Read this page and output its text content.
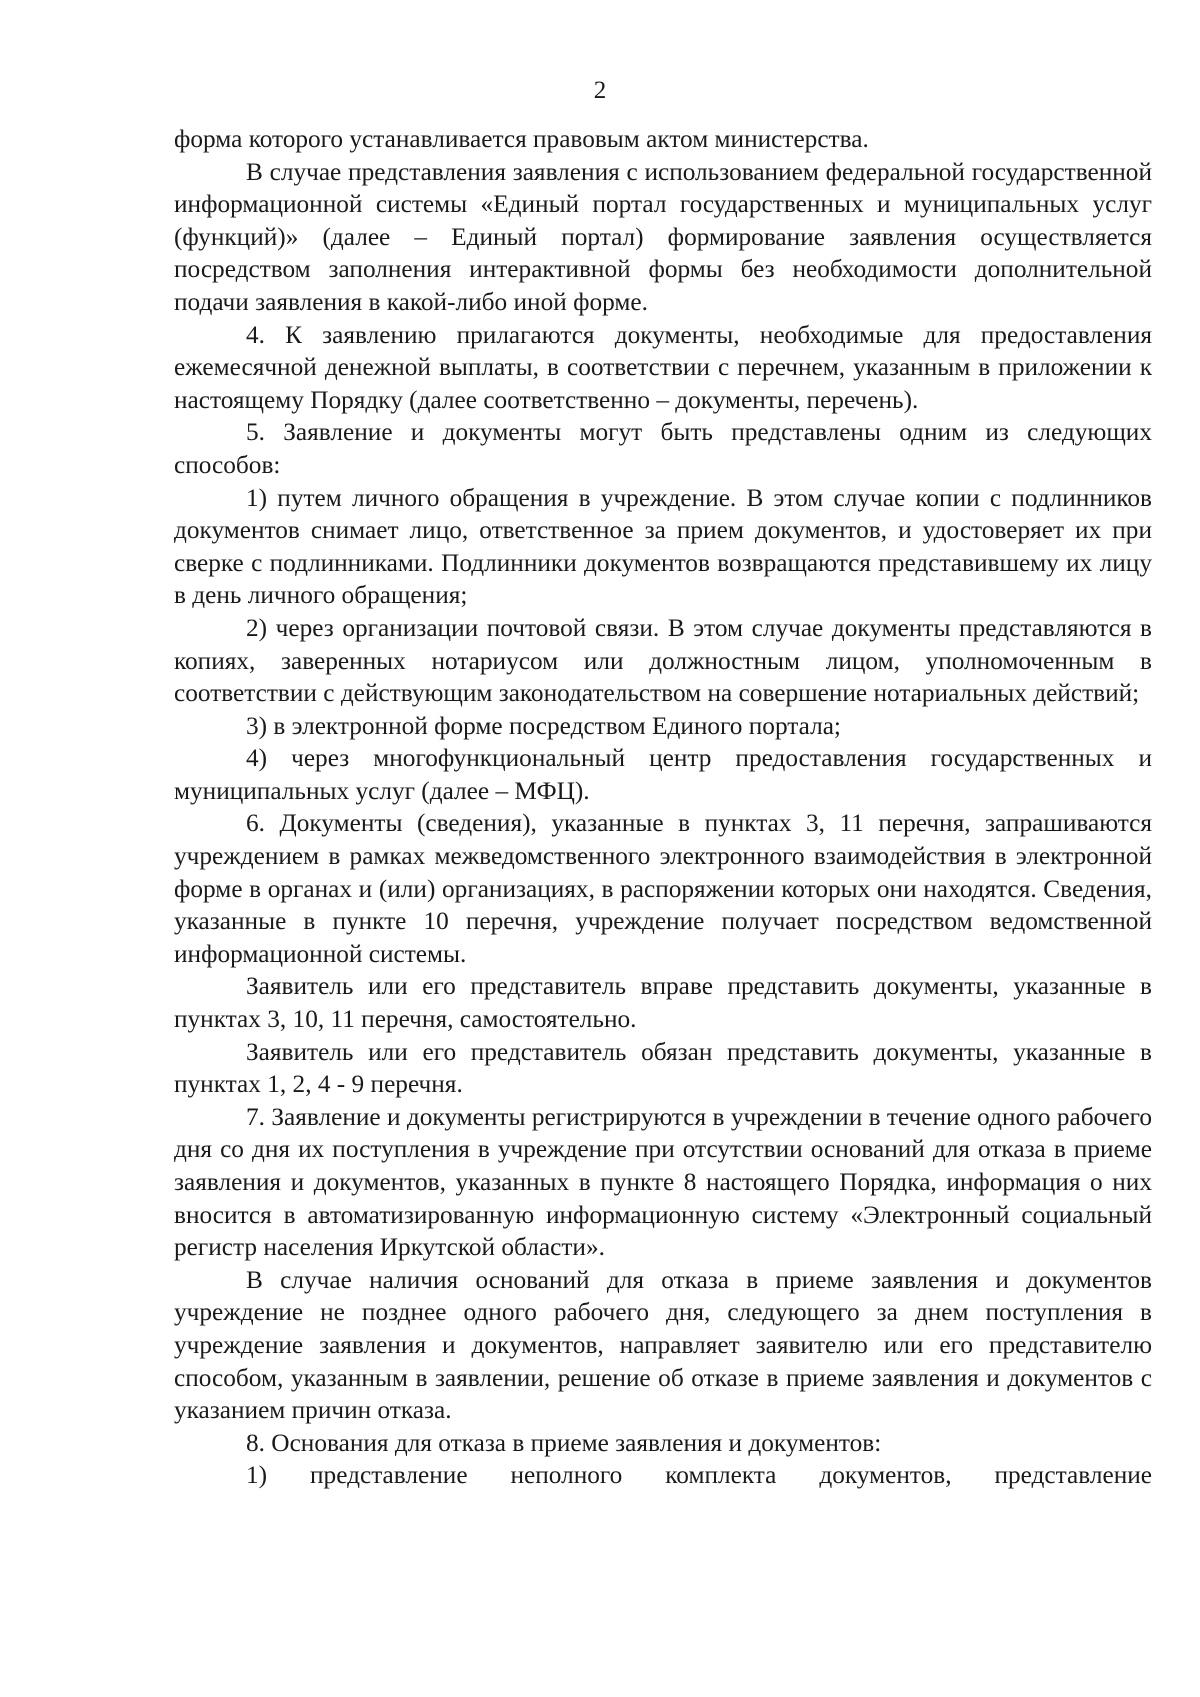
2

форма которого устанавливается правовым актом министерства.

В случае представления заявления с использованием федеральной государственной информационной системы «Единый портал государственных и муниципальных услуг (функций)» (далее – Единый портал) формирование заявления осуществляется посредством заполнения интерактивной формы без необходимости дополнительной подачи заявления в какой-либо иной форме.

4. К заявлению прилагаются документы, необходимые для предоставления ежемесячной денежной выплаты, в соответствии с перечнем, указанным в приложении к настоящему Порядку (далее соответственно – документы, перечень).

5. Заявление и документы могут быть представлены одним из следующих способов:

1) путем личного обращения в учреждение. В этом случае копии с подлинников документов снимает лицо, ответственное за прием документов, и удостоверяет их при сверке с подлинниками. Подлинники документов возвращаются представившему их лицу в день личного обращения;

2) через организации почтовой связи. В этом случае документы представляются в копиях, заверенных нотариусом или должностным лицом, уполномоченным в соответствии с действующим законодательством на совершение нотариальных действий;

3) в электронной форме посредством Единого портала;

4) через многофункциональный центр предоставления государственных и муниципальных услуг (далее – МФЦ).

6. Документы (сведения), указанные в пунктах 3, 11 перечня, запрашиваются учреждением в рамках межведомственного электронного взаимодействия в электронной форме в органах и (или) организациях, в распоряжении которых они находятся. Сведения, указанные в пункте 10 перечня, учреждение получает посредством ведомственной информационной системы.

Заявитель или его представитель вправе представить документы, указанные в пунктах 3, 10, 11 перечня, самостоятельно.

Заявитель или его представитель обязан представить документы, указанные в пунктах 1, 2, 4 - 9 перечня.

7. Заявление и документы регистрируются в учреждении в течение одного рабочего дня со дня их поступления в учреждение при отсутствии оснований для отказа в приеме заявления и документов, указанных в пункте 8 настоящего Порядка, информация о них вносится в автоматизированную информационную систему «Электронный социальный регистр населения Иркутской области».

В случае наличия оснований для отказа в приеме заявления и документов учреждение не позднее одного рабочего дня, следующего за днем поступления в учреждение заявления и документов, направляет заявителю или его представителю способом, указанным в заявлении, решение об отказе в приеме заявления и документов с указанием причин отказа.

8. Основания для отказа в приеме заявления и документов:

1) представление неполного комплекта документов, представление
